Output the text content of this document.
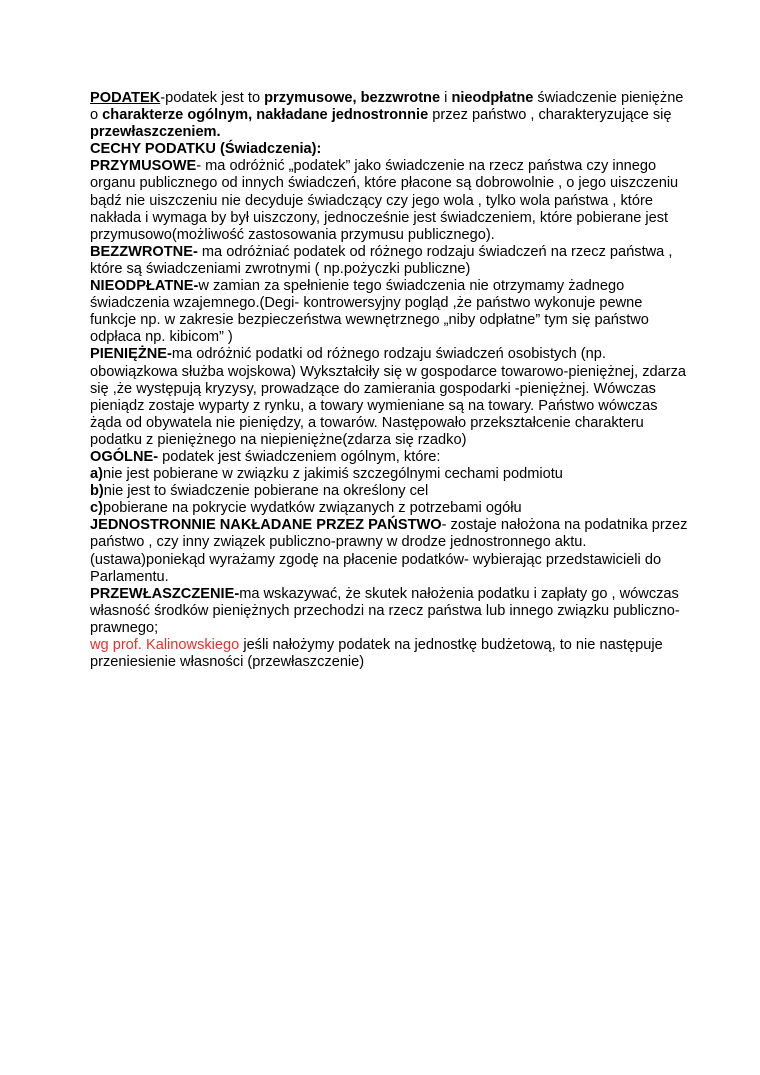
PODATEK-podatek jest to przymusowe, bezzwrotne i nieodpłatne świadczenie pieniężne o charakterze ogólnym, nakładane jednostronnie przez państwo , charakteryzujące się przewłaszczeniem.

CECHY PODATKU (Świadczenia):

PRZYMUSOWE- ma odróżnić „podatek” jako świadczenie na rzecz państwa czy innego organu publicznego od innych świadczeń, które płacone są dobrowolnie , o jego uiszczeniu bądź nie uiszczeniu nie decyduje świadczący czy jego wola , tylko wola państwa , które nakłada i wymaga by był uiszczony, jednocześnie jest świadczeniem, które pobierane jest przymusowo(możliwość zastosowania przymusu publicznego).

BEZZWROTNE- ma odróżniać podatek od różnego rodzaju świadczeń na rzecz państwa , które są świadczeniami zwrotnymi ( np.pożyczki publiczne)

NIEODPŁATNE-w zamian za spełnienie tego świadczenia nie otrzymamy żadnego świadczenia wzajemnego.(Degi- kontrowersyjny pogląd ,że państwo wykonuje pewne funkcje np. w zakresie bezpieczeństwa wewnętrznego „niby odpłatne” tym się państwo odpłaca np. kibicom” )

PIENIĘŻNE-ma odróżnić podatki od różnego rodzaju świadczeń osobistych (np. obowiązkowa służba wojskowa) Wykształciły się w gospodarce towarowo-pieniężnej, zdarza się ,że występują kryzysy, prowadzące do zamierania gospodarki -pieniężnej. Wówczas pieniądz zostaje wyparty z rynku, a towary wymieniane są na towary. Państwo wówczas żąda od obywatela nie pieniędzy, a towarów. Następowało przekształcenie charakteru podatku z pieniężnego na niepieniężne(zdarza się rzadko)

OGÓLNE- podatek jest świadczeniem ogólnym, które:

a)nie jest pobierane w związku z jakimiś szczególnymi cechami podmiotu

b)nie jest to świadczenie pobierane na określony cel

c)pobierane na pokrycie wydatków związanych z potrzebami ogółu

JEDNOSTRONNIE NAKŁADANE PRZEZ PAŃSTWO- zostaje nałożona na podatnika przez państwo , czy inny związek publiczno-prawny w drodze jednostronnego aktu.(ustawa)poniekąd wyrażamy zgodę na płacenie podatków- wybierając przedstawicieli do Parlamentu.

PRZEWŁASZCZENIE-ma wskazywać, że skutek nałożenia podatku i zapłaty go , wówczas własność środków pieniężnych przechodzi na rzecz państwa lub innego związku publiczno-prawnego;

wg prof. Kalinowskiego jeśli nałożymy podatek na jednostkę budżetową, to nie następuje przeniesienie własności (przewłaszczenie)
